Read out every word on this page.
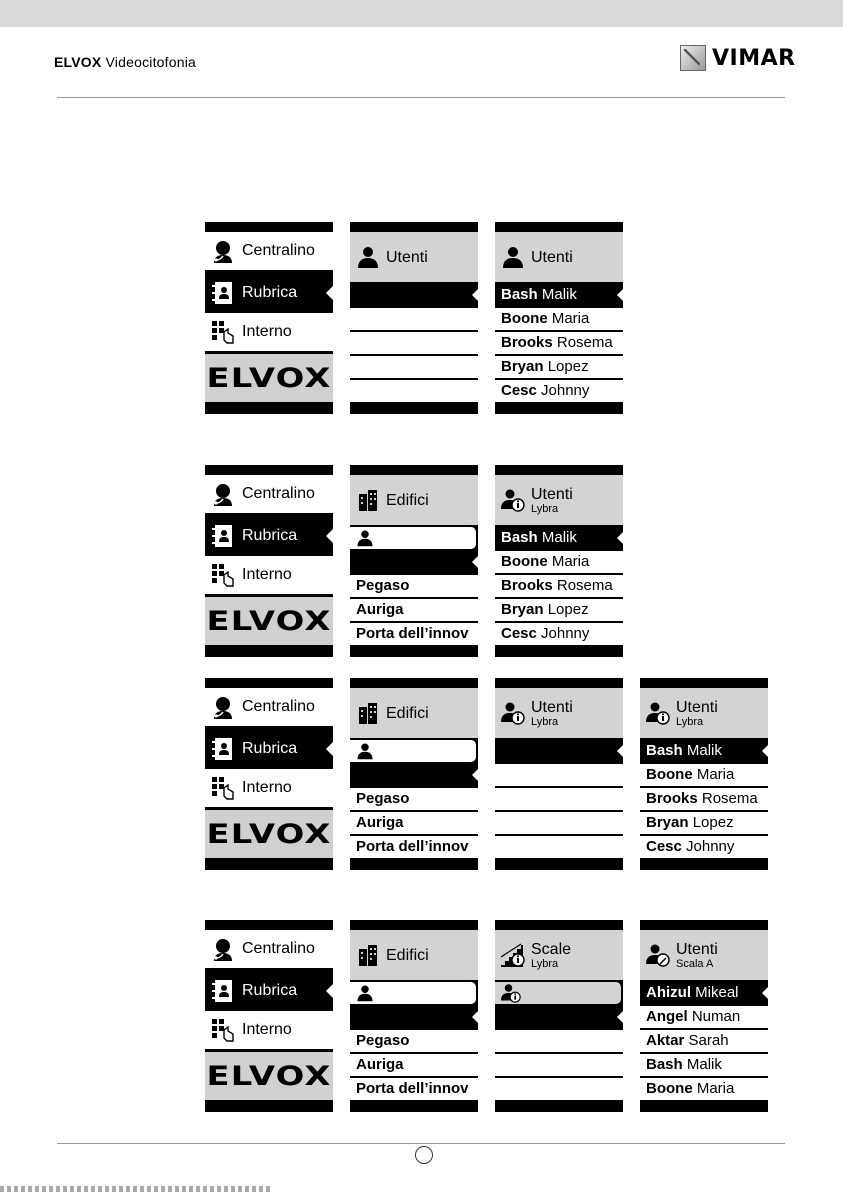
ELVOX Videocitofonia	VIMAR
Centralino
Rubrica
Interno
ELVOX
Utenti	Utenti
Bash Malik
Boone Maria
Brooks Rosema
Bryan Lopez
Cesc Johnny
Centralino
Rubrica
Interno
ELVOX
Edifici
Pegaso
Auriga
Porta dell’innov
Utenti
Lybra
Bash Malik
Boone Maria
Brooks Rosema
Bryan Lopez
Cesc Johnny
Centralino
Rubrica
Interno
ELVOX
Edifici
Pegaso
Auriga
Porta dell’innov
Utenti
Lybra
Utenti
Lybra
Bash Malik
Boone Maria
Brooks Rosema
Bryan Lopez
Cesc Johnny
Centralino
Rubrica
Interno
ELVOX
Edifici
Pegaso
Auriga
Porta dell’innov
Scale
Lybra
Utenti
Scala A
Ahizul Mikeal
Angel Numan
Aktar Sarah
Bash Malik
Boone Maria
